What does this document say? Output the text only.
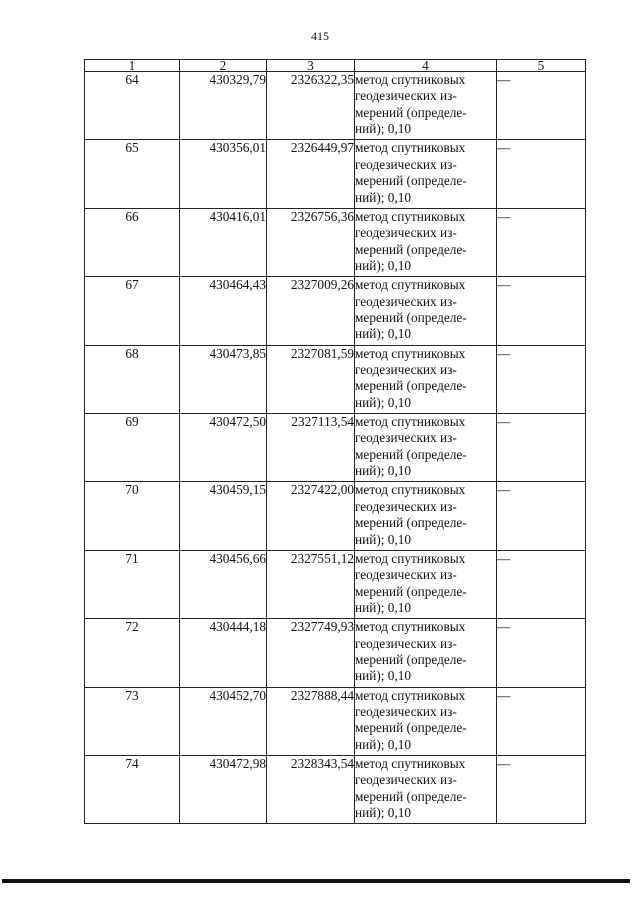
415
1	2	3	4	5
64	430329,79	2326322,35	метод спутниковых
геодезических из-
мерений (определе-
ний); 0,10	—
65	430356,01	2326449,97	метод спутниковых
геодезических из-
мерений (определе-
ний); 0,10	—
66	430416,01	2326756,36	метод спутниковых
геодезических из-
мерений (определе-
ний); 0,10	—
67	430464,43	2327009,26	метод спутниковых
геодезических из-
мерений (определе-
ний); 0,10	—
68	430473,85	2327081,59	метод спутниковых
геодезических из-
мерений (определе-
ний); 0,10	—
69	430472,50	2327113,54	метод спутниковых
геодезических из-
мерений (определе-
ний); 0,10	—
70	430459,15	2327422,00	метод спутниковых
геодезических из-
мерений (определе-
ний); 0,10	—
71	430456,66	2327551,12	метод спутниковых
геодезических из-
мерений (определе-
ний); 0,10	—
72	430444,18	2327749,93	метод спутниковых
геодезических из-
мерений (определе-
ний); 0,10	—
73	430452,70	2327888,44	метод спутниковых
геодезических из-
мерений (определе-
ний); 0,10	—
74	430472,98	2328343,54	метод спутниковых
геодезических из-
мерений (определе-
ний); 0,10	—
